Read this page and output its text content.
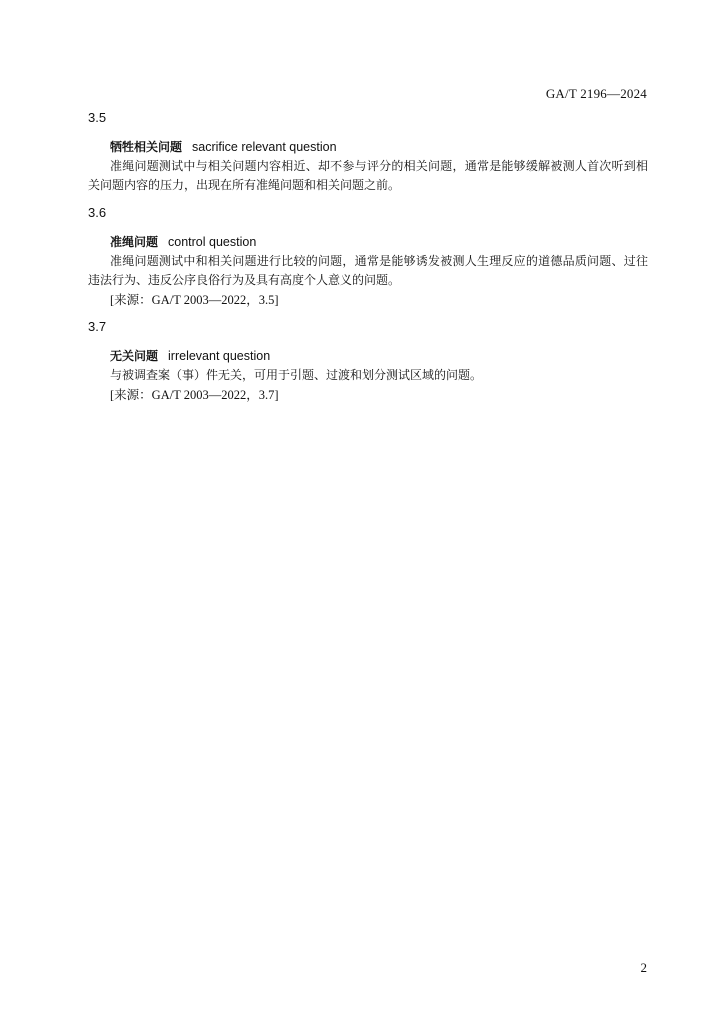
GA/T 2196—2024

3.5

牺牲相关问题 sacrifice relevant question

准绳问题测试中与相关问题内容相近、却不参与评分的相关问题，通常是能够缓解被测人首次听到相关问题内容的压力，出现在所有准绳问题和相关问题之前。

3.6

准绳问题 control question

准绳问题测试中和相关问题进行比较的问题，通常是能够诱发被测人生理反应的道德品质问题、过往违法行为、违反公序良俗行为及具有高度个人意义的问题。

[来源：GA/T 2003—2022，3.5]

3.7

无关问题 irrelevant question

与被调查案（事）件无关，可用于引题、过渡和划分测试区域的问题。

[来源：GA/T 2003—2022，3.7]

2
